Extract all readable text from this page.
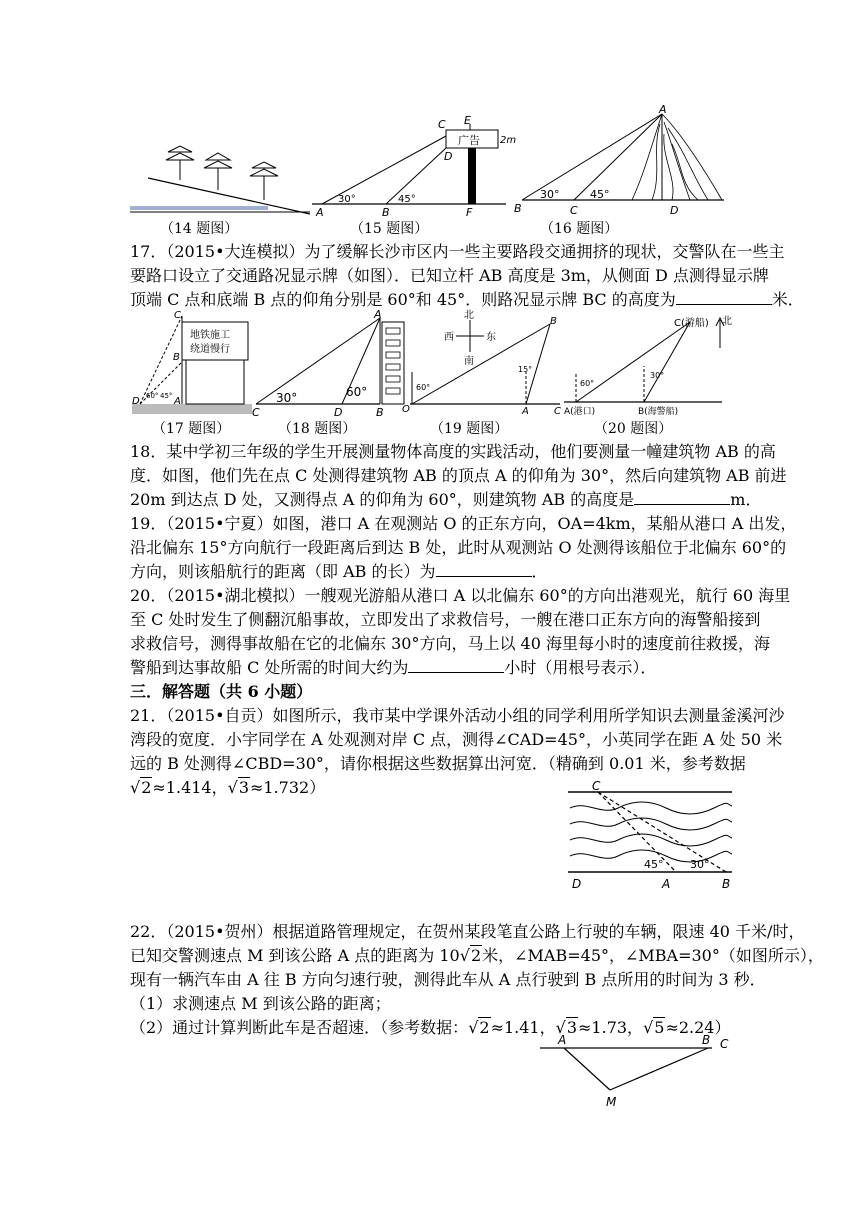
（14 题图）
广告 2m
C E
D
A	B	F
30°	45°
（15 题图）
A
B	C	D
30°	45°
（16 题图）
17．（2015•大连模拟）为了缓解长沙市区内一些主要路段交通拥挤的现状，交警队在一些主
要路口设立了交通路况显示牌（如图）．已知立杆 AB 高度是 3m，从侧面 D 点测得显示牌
顶端 C 点和底端 B 点的仰角分别是 60°和 45°．则路况显示牌 BC 的高度为	米．
地铁施工
绕道慢行
C
B
D	A
60° 45°
（17 题图）
A
C	D	B
30°	60°
（18 题图）
北
东
西
南
B
O	A	C
60°
15°
（19 题图）
C(游船) 北
A(港口)	B(海警船)
60°
30°
（20 题图）
18．某中学初三年级的学生开展测量物体高度的实践活动，他们要测量一幢建筑物 AB 的高
度．如图，他们先在点 C 处测得建筑物 AB 的顶点 A 的仰角为 30°，然后向建筑物 AB 前进
20m 到达点 D 处，又测得点 A 的仰角为 60°，则建筑物 AB 的高度是	m．
19．（2015•宁夏）如图，港口 A 在观测站 O 的正东方向，OA=4km，某船从港口 A 出发，
沿北偏东 15°方向航行一段距离后到达 B 处，此时从观测站 O 处测得该船位于北偏东 60°的
方向，则该船航行的距离（即 AB 的长）为	．
20．（2015•湖北模拟）一艘观光游船从港口 A 以北偏东 60°的方向出港观光，航行 60 海里
至 C 处时发生了侧翻沉船事故，立即发出了求救信号，一艘在港口正东方向的海警船接到
求救信号，测得事故船在它的北偏东 30°方向，马上以 40 海里每小时的速度前往救援，海
警船到达事故船 C 处所需的时间大约为	小时（用根号表示）．
三．解答题（共 6 小题）
21．（2015•自贡）如图所示，我市某中学课外活动小组的同学利用所学知识去测量釜溪河沙
湾段的宽度．小宇同学在 A 处观测对岸 C 点，测得∠CAD=45°，小英同学在距 A 处 50 米
远的 B 处测得∠CBD=30°，请你根据这些数据算出河宽．（精确到 0.01 米，参考数据
√2≈1.414，√3≈1.732）	C
D	A	B
45° 30°
22．（2015•贺州）根据道路管理规定，在贺州某段笔直公路上行驶的车辆，限速 40 千米/时，
已知交警测速点 M 到该公路 A 点的距离为 10√2米，∠MAB=45°，∠MBA=30°（如图所示），
现有一辆汽车由 A 往 B 方向匀速行驶，测得此车从 A 点行驶到 B 点所用的时间为 3 秒．
（1）求测速点 M 到该公路的距离；
（2）通过计算判断此车是否超速．（参考数据：√2≈1.41，√3≈1.73，√5≈2.24）
A	B C
M
